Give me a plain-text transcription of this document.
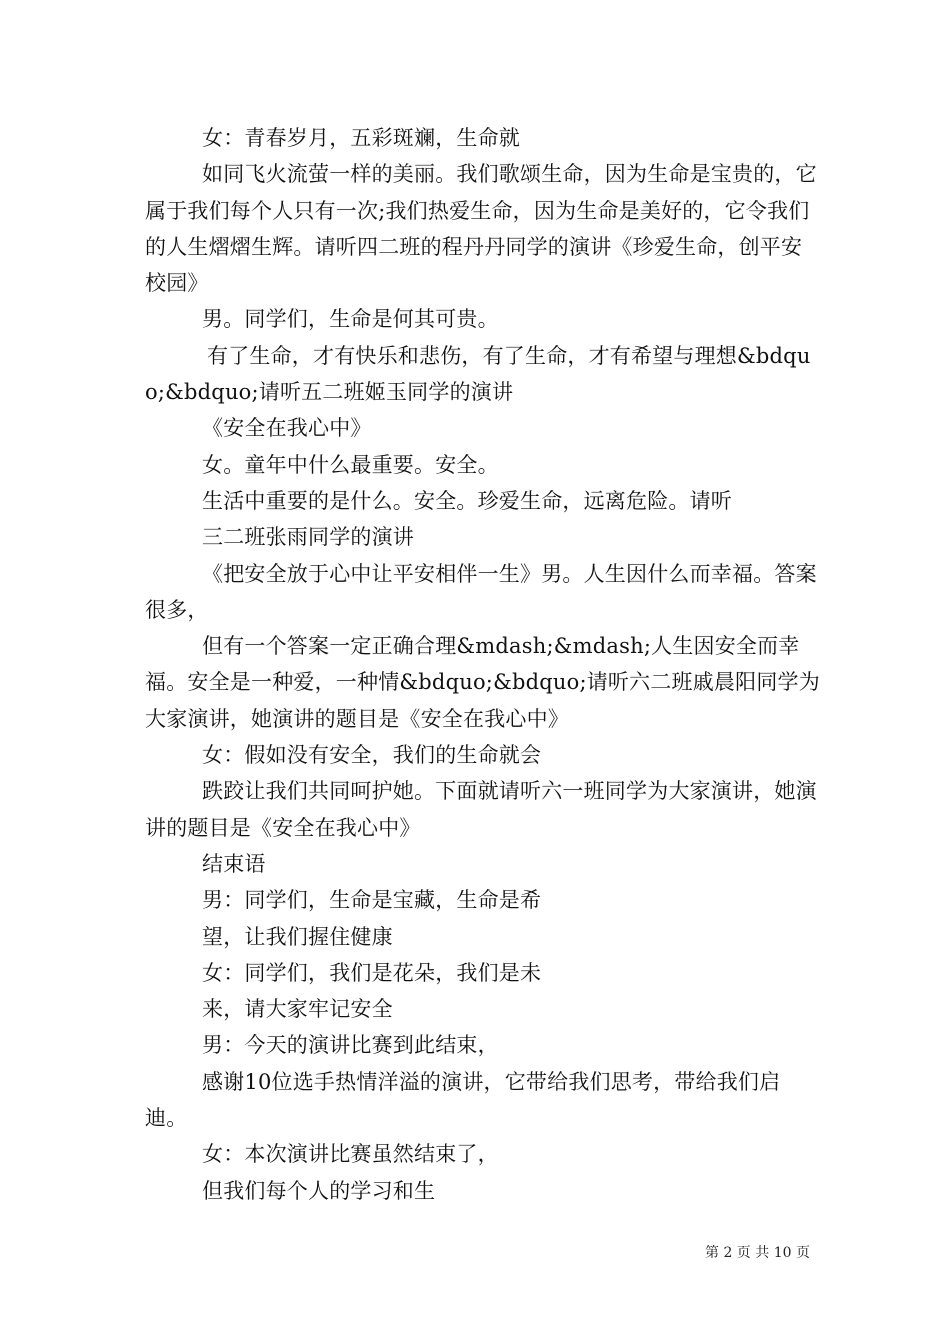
女：青春岁月，五彩斑斓，生命就

如同飞火流萤一样的美丽。我们歌颂生命，因为生命是宝贵的，它属于我们每个人只有一次;我们热爱生命，因为生命是美好的，它令我们的人生熠熠生辉。请听四二班的程丹丹同学的演讲《珍爱生命，创平安校园》

男。同学们，生命是何其可贵。

有了生命，才有快乐和悲伤，有了生命，才有希望与理想&bdquo;&bdquo;请听五二班姬玉同学的演讲

《安全在我心中》

女。童年中什么最重要。安全。

生活中重要的是什么。安全。珍爱生命，远离危险。请听

三二班张雨同学的演讲

《把安全放于心中让平安相伴一生》男。人生因什么而幸福。答案很多，

但有一个答案一定正确合理&mdash;&mdash;人生因安全而幸福。安全是一种爱，一种情&bdquo;&bdquo;请听六二班戚晨阳同学为大家演讲，她演讲的题目是《安全在我心中》

女：假如没有安全，我们的生命就会

跌跤让我们共同呵护她。下面就请听六一班同学为大家演讲，她演讲的题目是《安全在我心中》

结束语

男：同学们，生命是宝藏，生命是希

望，让我们握住健康

女：同学们，我们是花朵，我们是未

来，请大家牢记安全

男：今天的演讲比赛到此结束，

感谢10位选手热情洋溢的演讲，它带给我们思考，带给我们启迪。

女：本次演讲比赛虽然结束了，

但我们每个人的学习和生

第 2 页 共 10 页
